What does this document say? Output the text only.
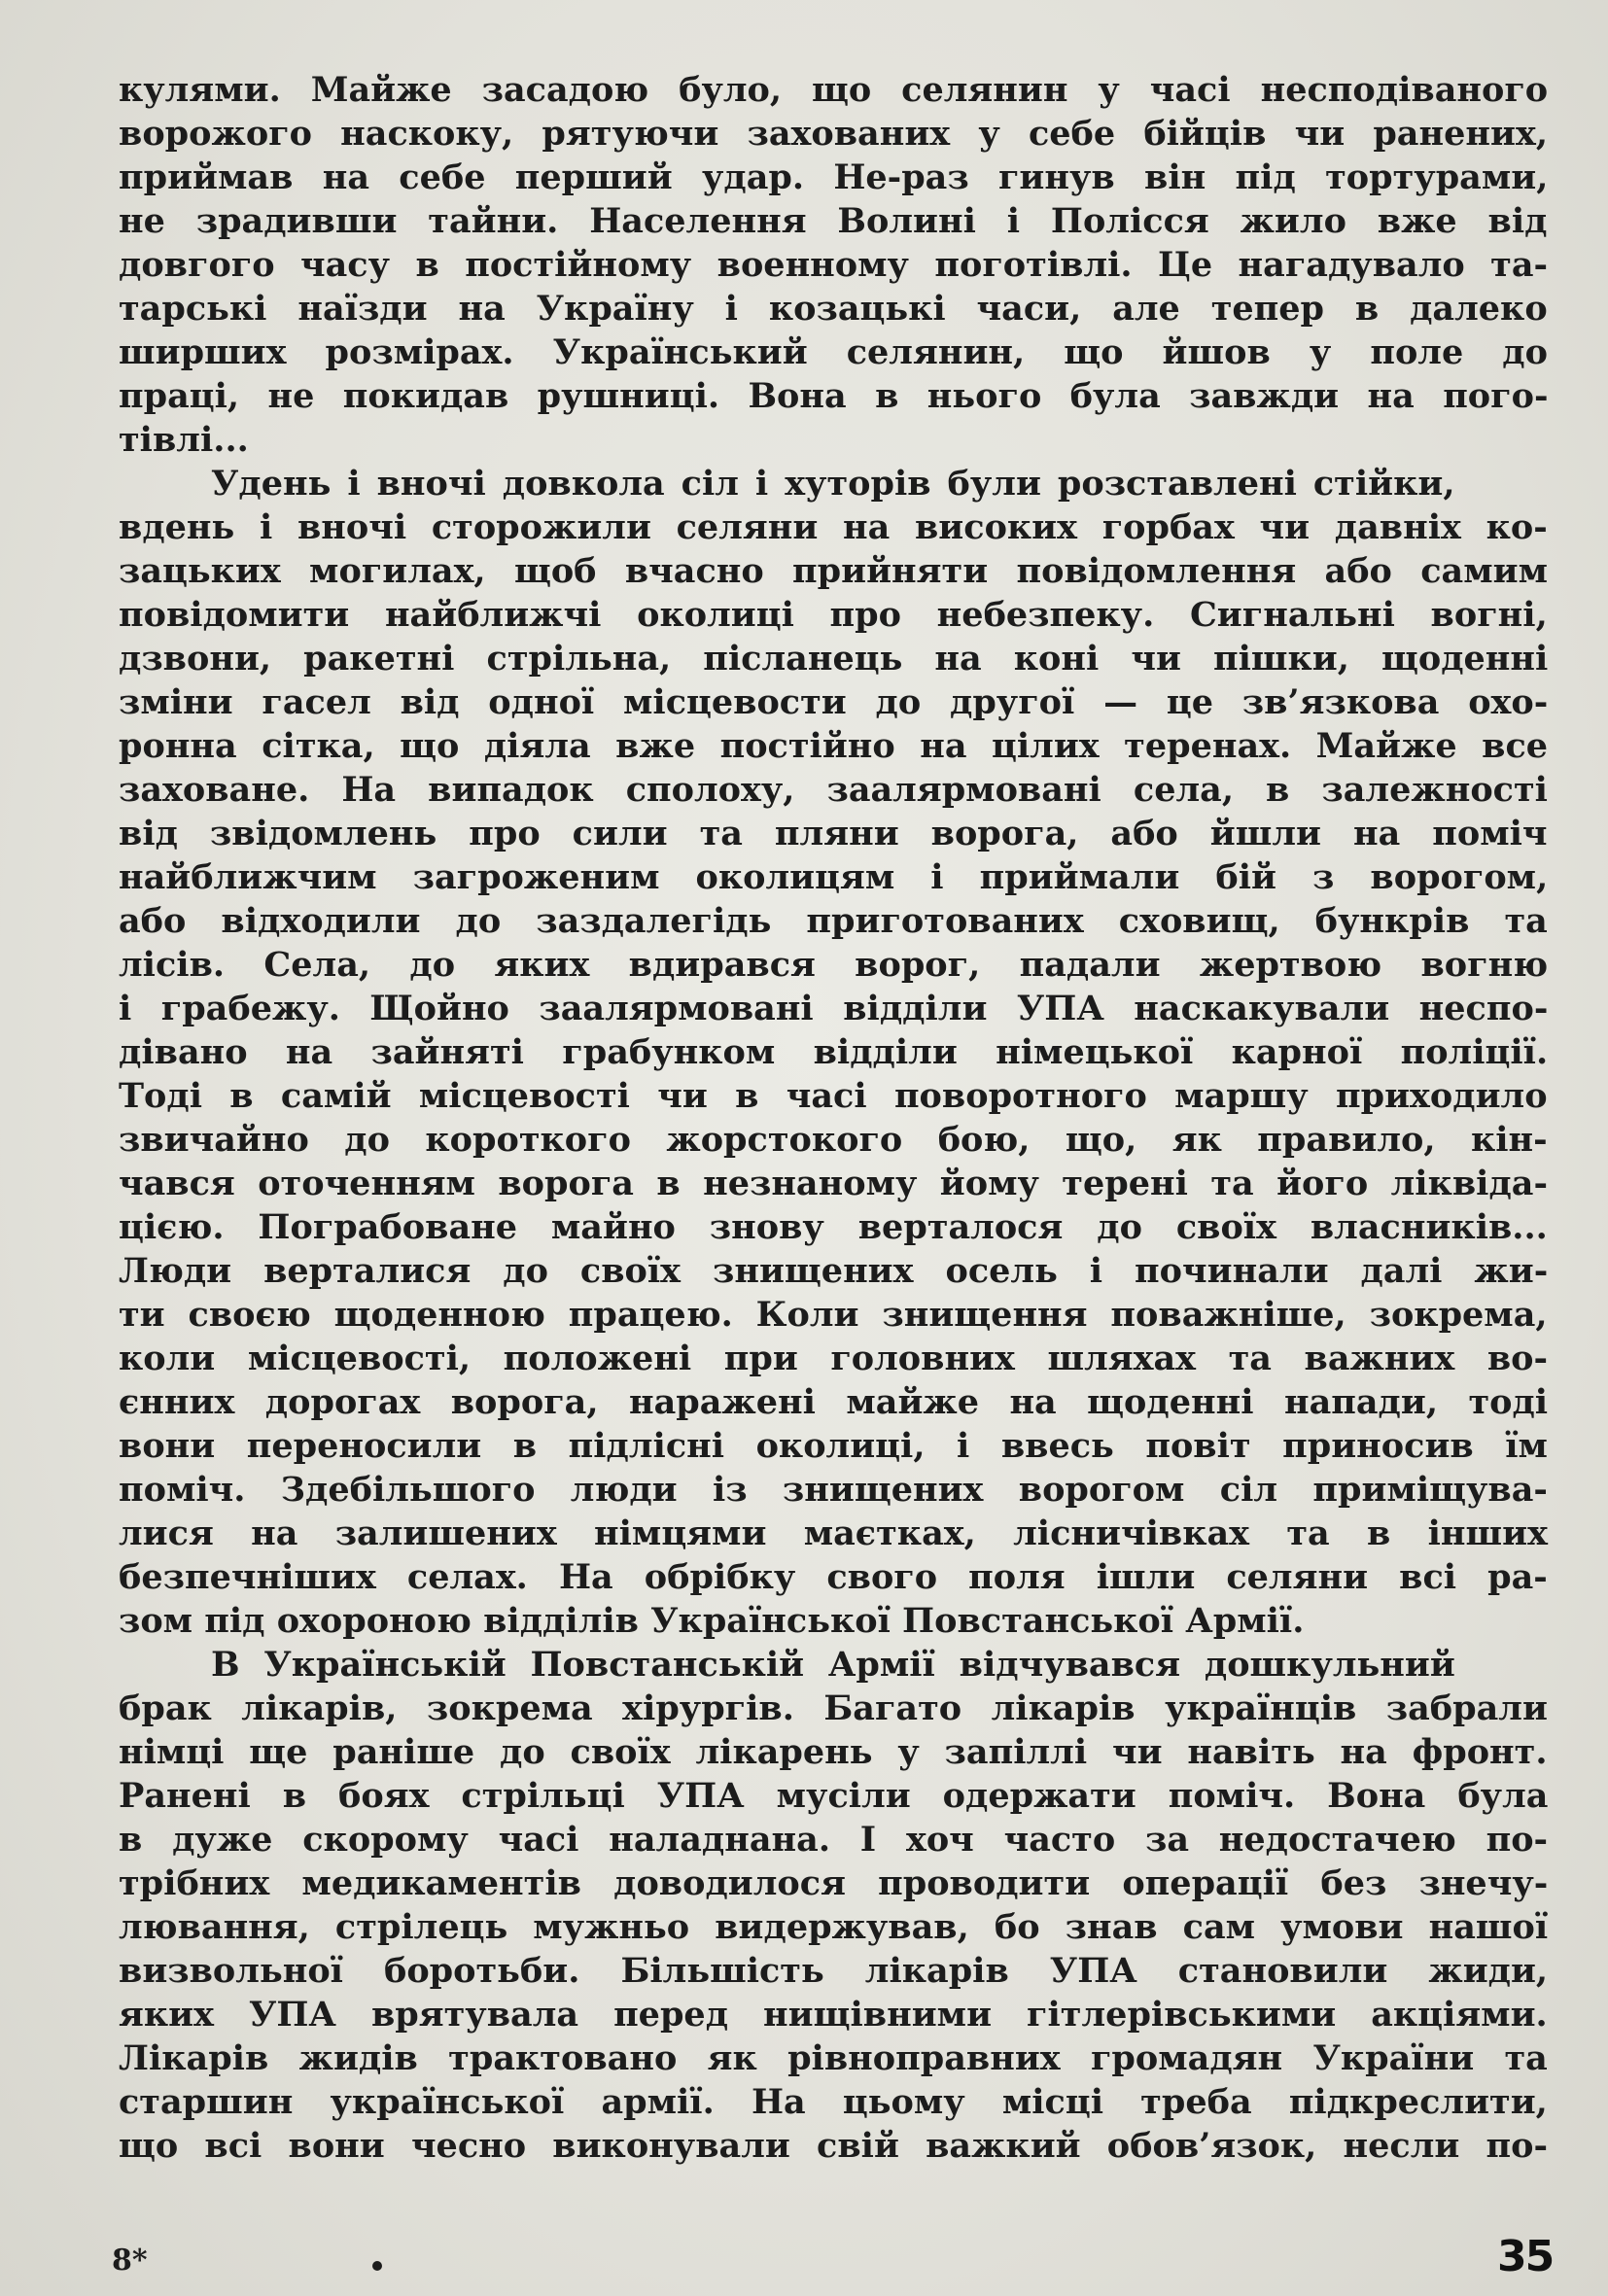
кулями. Майже засадою було, що селянин у часі несподіваного
ворожого наскоку, рятуючи захованих у себе бійців чи ранених,
приймав на себе перший удар. Не-раз гинув він під тортурами,
не зрадивши тайни. Населення Волині і Полісся жило вже від
довгого часу в постійному военному поготівлі. Це нагадувало та-
тарські наїзди на Україну і козацькі часи, але тепер в далеко
ширших розмірах. Український селянин, що йшов у поле до
праці, не покидав рушниці. Вона в нього була завжди на пого-
тівлі...
Удень і вночі довкола сіл і хуторів були розставлені стійки,
вдень і вночі сторожили селяни на високих горбах чи давніх ко-
зацьких могилах, щоб вчасно прийняти повідомлення або самим
повідомити найближчі околиці про небезпеку. Сигнальні вогні,
дзвони, ракетні стрільна, післанець на коні чи пішки, щоденні
зміни гасел від одної місцевости до другої — це зв’язкова охо-
ронна сітка, що діяла вже постійно на цілих теренах. Майже все
заховане. На випадок сполоху, заалярмовані села, в залежності
від звідомлень про сили та пляни ворога, або йшли на поміч
найближчим загроженим околицям і приймали бій з ворогом,
або відходили до заздалегідь приготованих сховищ, бункрів та
лісів. Села, до яких вдирався ворог, падали жертвою вогню
і грабежу. Щойно заалярмовані відділи УПА наскакували неспо-
дівано на зайняті грабунком відділи німецької карної поліції.
Тоді в самій місцевості чи в часі поворотного маршу приходило
звичайно до короткого жорстокого бою, що, як правило, кін-
чався оточенням ворога в незнаному йому терені та його ліквіда-
цією. Пограбоване майно знову верталося до своїх власників...
Люди верталися до своїх знищених осель і починали далі жи-
ти своєю щоденною працею. Коли знищення поважніше, зокрема,
коли місцевості, положені при головних шляхах та важних во-
єнних дорогах ворога, наражені майже на щоденні напади, тоді
вони переносили в підлісні околиці, і ввесь повіт приносив їм
поміч. Здебільшого люди із знищених ворогом сіл приміщува-
лися на залишених німцями маєтках, лісничівках та в інших
безпечніших селах. На обрібку свого поля ішли селяни всі ра-
зом під охороною відділів Української Повстанської Армії.
В Українській Повстанській Армії відчувався дошкульний
брак лікарів, зокрема хірургів. Багато лікарів українців забрали
німці ще раніше до своїх лікарень у запіллі чи навіть на фронт.
Ранені в боях стрільці УПА мусіли одержати поміч. Вона була
в дуже скорому часі наладнана. І хоч часто за недостачею по-
трібних медикаментів доводилося проводити операції без знечу-
лювання, стрілець мужньо видержував, бо знав сам умови нашої
визвольної боротьби. Більшість лікарів УПА становили жиди,
яких УПА врятувала перед нищівними гітлерівськими акціями.
Лікарів жидів трактовано як рівноправних громадян України та
старшин української армії. На цьому місці треба підкреслити,
що всі вони чесно виконували свій важкий обов’язок, несли по-
8*	35
